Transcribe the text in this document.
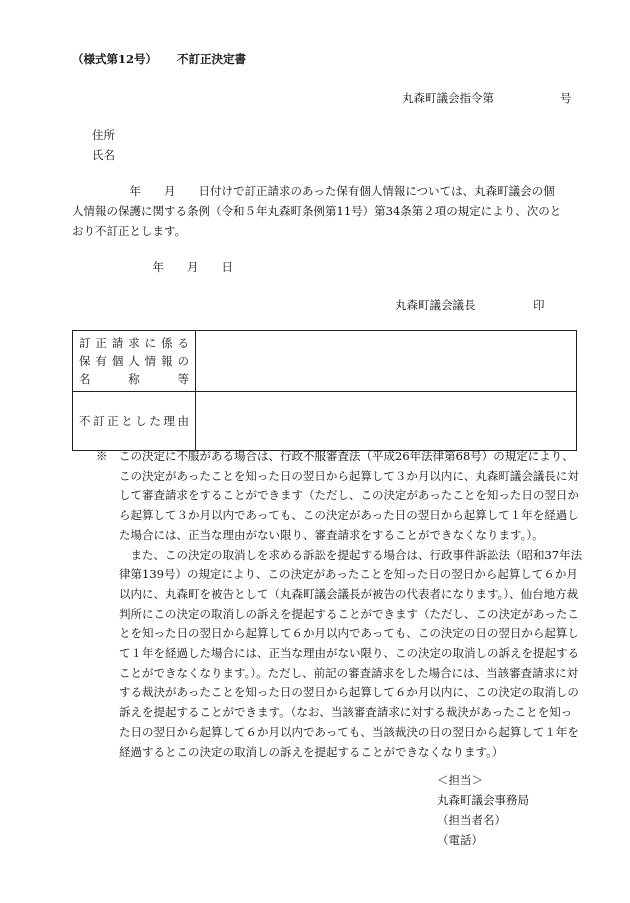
（様式第12号） 不訂正決定書
丸森町議会指令第	号
住所
氏名
　　　　　年　　月　　日付けで訂正請求のあった保有個人情報については、丸森町議会の個
人情報の保護に関する条例（令和５年丸森町条例第11号）第34条第２項の規定により、次のと
おり不訂正とします。
　年　　月　　日
丸森町議会議長	印
訂正請求に係る
保有個人情報の
名　称　等	

不訂正とした理由	

※　この決定に不服がある場合は、行政不服審査法（平成26年法律第68号）の規定により、
　　この決定があったことを知った日の翌日から起算して３か月以内に、丸森町議会議長に対
　　して審査請求をすることができます（ただし、この決定があったことを知った日の翌日か
　　ら起算して３か月以内であっても、この決定があった日の翌日から起算して１年を経過し
　　た場合には、正当な理由がない限り、審査請求をすることができなくなります。）。
　　　また、この決定の取消しを求める訴訟を提起する場合は、行政事件訴訟法（昭和37年法
　　律第139号）の規定により、この決定があったことを知った日の翌日から起算して６か月
　　以内に、丸森町を被告として（丸森町議会議長が被告の代表者になります。）、仙台地方裁
　　判所にこの決定の取消しの訴えを提起することができます（ただし、この決定があったこ
　　とを知った日の翌日から起算して６か月以内であっても、この決定の日の翌日から起算し
　　て１年を経過した場合には、正当な理由がない限り、この決定の取消しの訴えを提起する
　　ことができなくなります。）。ただし、前記の審査請求をした場合には、当該審査請求に対
　　する裁決があったことを知った日の翌日から起算して６か月以内に、この決定の取消しの
　　訴えを提起することができます。（なお、当該審査請求に対する裁決があったことを知っ
　　た日の翌日から起算して６か月以内であっても、当該裁決の日の翌日から起算して１年を
　　経過するとこの決定の取消しの訴えを提起することができなくなります。）
＜担当＞
丸森町議会事務局
（担当者名）
（電話）
